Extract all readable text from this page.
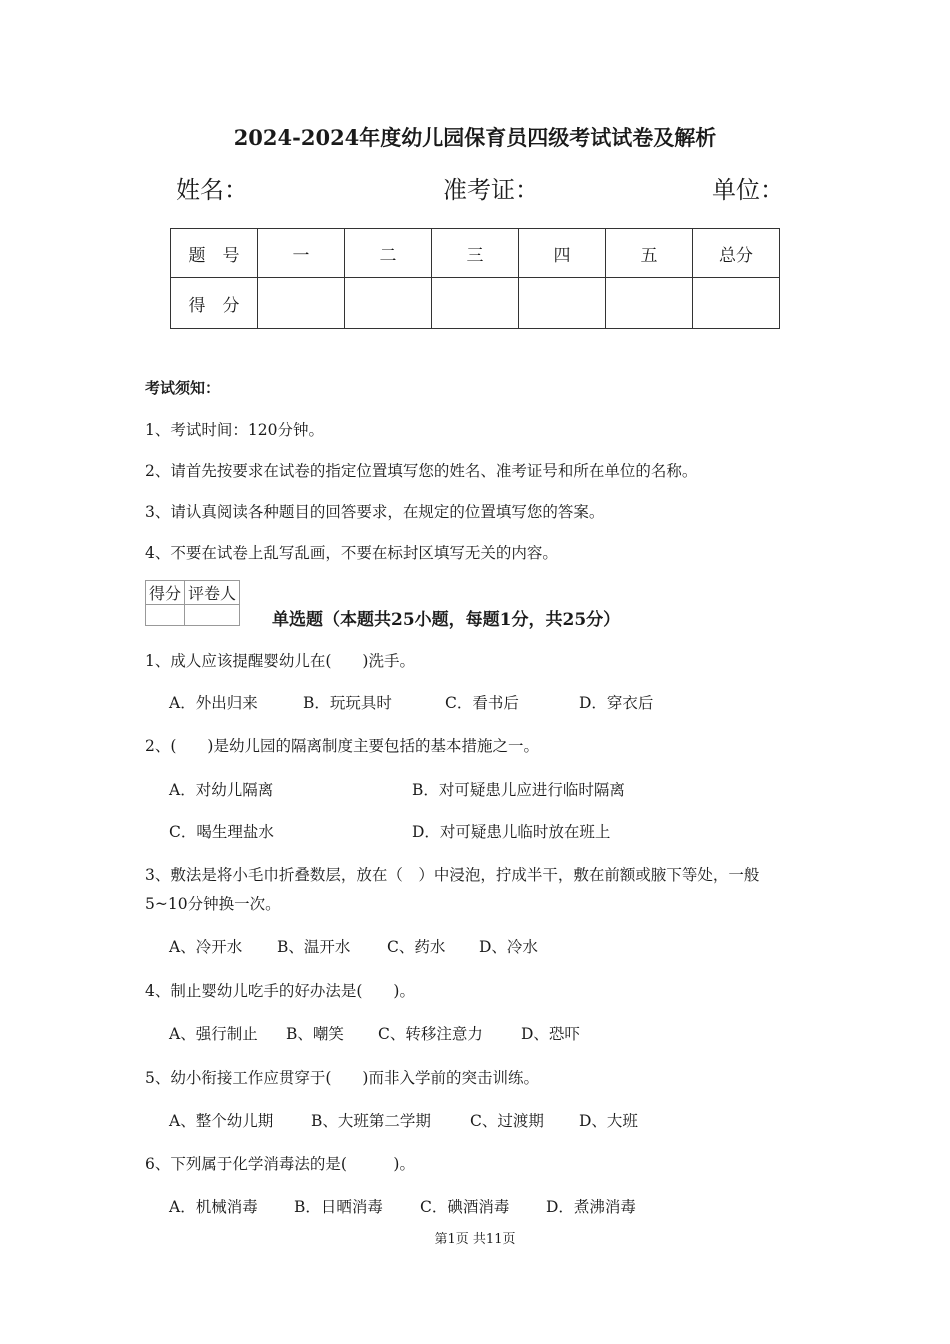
2024-2024年度幼儿园保育员四级考试试卷及解析
姓名：	准考证：	单位：
题　号	一	二	三	四	五	总分
得　分						
考试须知：
1、考试时间：120分钟。
2、请首先按要求在试卷的指定位置填写您的姓名、准考证号和所在单位的名称。
3、请认真阅读各种题目的回答要求，在规定的位置填写您的答案。
4、不要在试卷上乱写乱画，不要在标封区填写无关的内容。
得分	评卷人

单选题（本题共25小题，每题1分，共25分）
1、成人应该提醒婴幼儿在(　　)洗手。
A．外出归来	B．玩玩具时	C．看书后	D．穿衣后
2、(　　)是幼儿园的隔离制度主要包括的基本措施之一。
A．对幼儿隔离	B．对可疑患儿应进行临时隔离
C．喝生理盐水	D．对可疑患儿临时放在班上
3、敷法是将小毛巾折叠数层，放在（　）中浸泡，拧成半干，敷在前额或腋下等处，一般
5~10分钟换一次。
A、冷开水 B、温开水 C、药水 D、冷水
4、制止婴幼儿吃手的好办法是(　　)。
A、强行制止 B、嘲笑 C、转移注意力 D、恐吓
5、幼小衔接工作应贯穿于(　　)而非入学前的突击训练。
A、整个幼儿期 B、大班第二学期	C、过渡期 D、大班
6、下列属于化学消毒法的是(　　　)。
A．机械消毒 B．日晒消毒 C．碘酒消毒 D．煮沸消毒
第1页 共11页
